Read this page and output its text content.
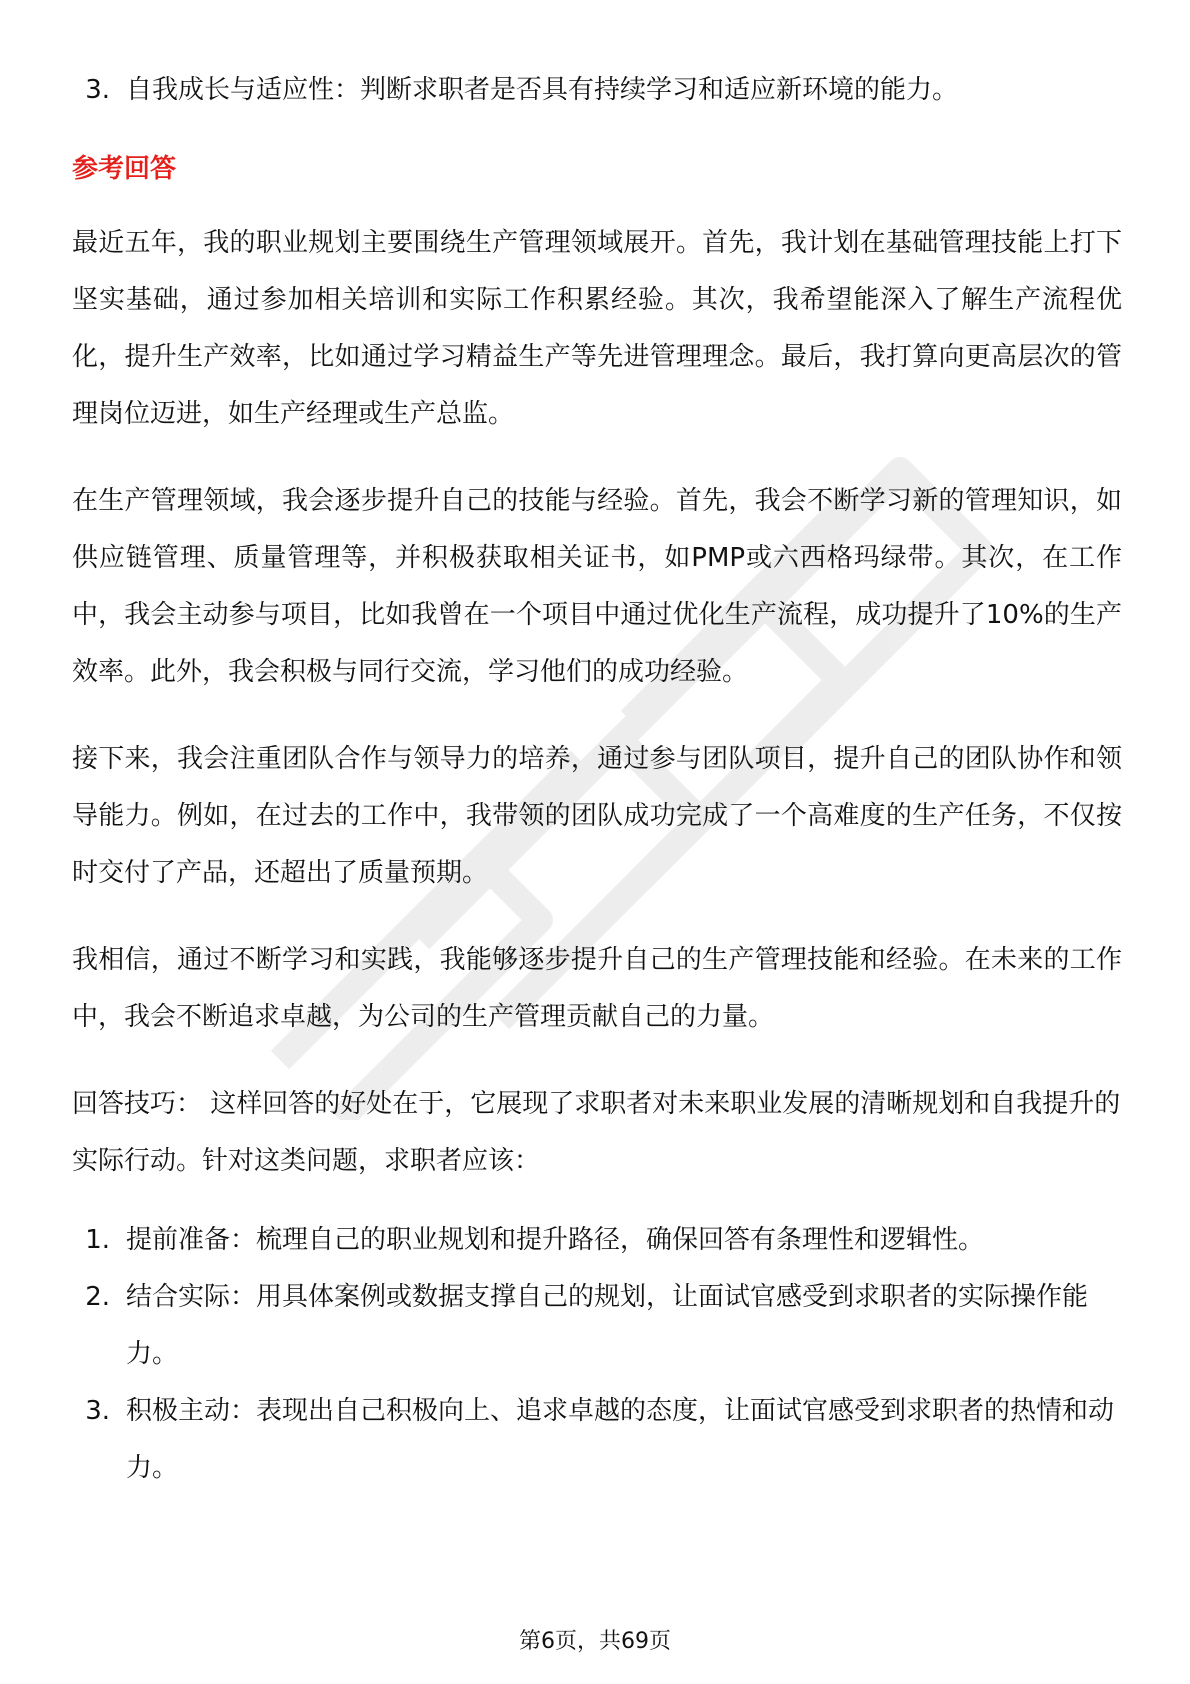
3. 自我成长与适应性：判断求职者是否具有持续学习和适应新环境的能力。
参考回答

最近五年，我的职业规划主要围绕生产管理领域展开。首先，我计划在基础管理技能上打下坚实基础，通过参加相关培训和实际工作积累经验。其次，我希望能深入了解生产流程优化，提升生产效率，比如通过学习精益生产等先进管理理念。最后，我打算向更高层次的管理岗位迈进，如生产经理或生产总监。

在生产管理领域，我会逐步提升自己的技能与经验。首先，我会不断学习新的管理知识，如供应链管理、质量管理等，并积极获取相关证书，如PMP或六西格玛绿带。其次，在工作中，我会主动参与项目，比如我曾在一个项目中通过优化生产流程，成功提升了10%的生产效率。此外，我会积极与同行交流，学习他们的成功经验。

接下来，我会注重团队合作与领导力的培养，通过参与团队项目，提升自己的团队协作和领导能力。例如，在过去的工作中，我带领的团队成功完成了一个高难度的生产任务，不仅按时交付了产品，还超出了质量预期。

我相信，通过不断学习和实践，我能够逐步提升自己的生产管理技能和经验。在未来的工作中，我会不断追求卓越，为公司的生产管理贡献自己的力量。

回答技巧： 这样回答的好处在于，它展现了求职者对未来职业发展的清晰规划和自我提升的实际行动。针对这类问题，求职者应该：

1. 提前准备：梳理自己的职业规划和提升路径，确保回答有条理性和逻辑性。
2. 结合实际：用具体案例或数据支撑自己的规划，让面试官感受到求职者的实际操作能力。
3. 积极主动：表现出自己积极向上、追求卓越的态度，让面试官感受到求职者的热情和动力。
第6页，共69页
